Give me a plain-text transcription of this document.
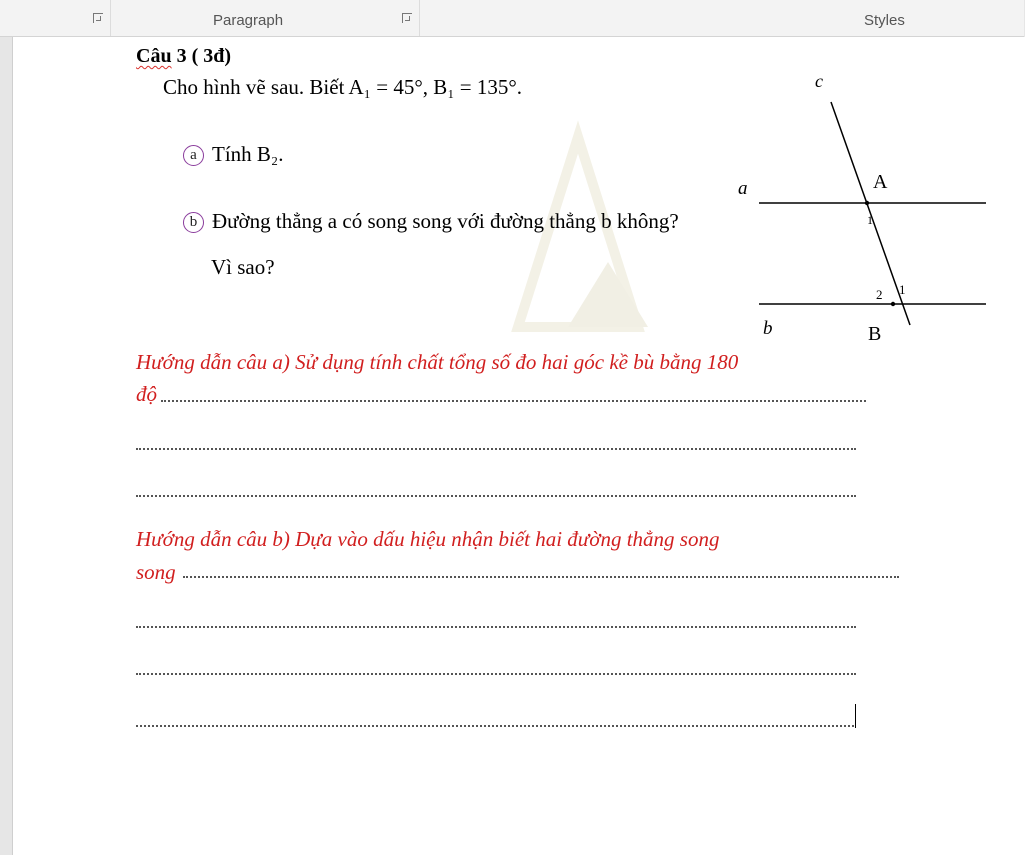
Paragraph	Styles
Câu 3 ( 3đ)
Cho hình vẽ sau. Biết A₁ = 45°, B₁ = 135°.
a Tính B₂.
b Đường thẳng a có song song với đường thẳng b không?
Vì sao?
c
a
b
A
B
1
1
2
Hướng dẫn câu a) Sử dụng tính chất tổng số đo hai góc kề bù bằng 180
độ
Hướng dẫn câu b) Dựa vào dấu hiệu nhận biết hai đường thẳng song
song
